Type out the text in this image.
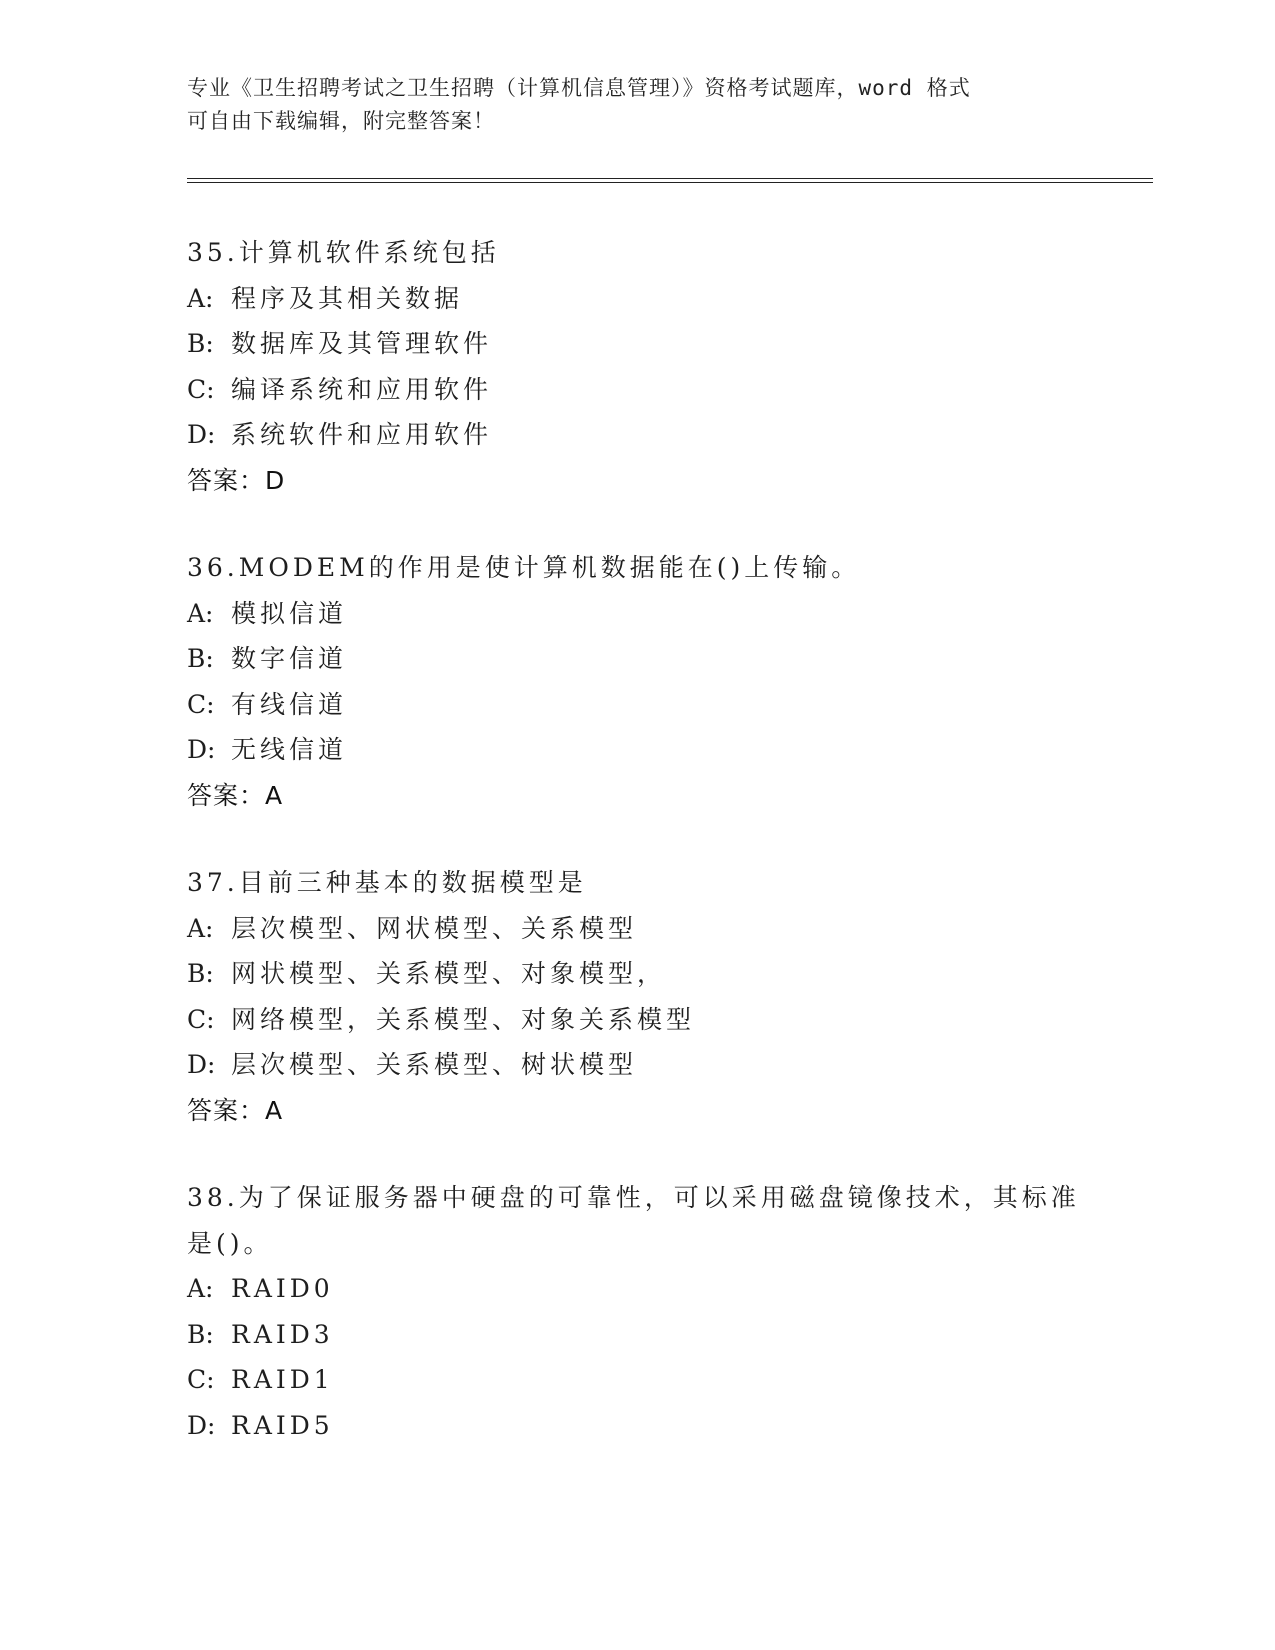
专业《卫生招聘考试之卫生招聘（计算机信息管理）》资格考试题库，word 格式
可自由下载编辑，附完整答案！
35.计算机软件系统包括
A: 程序及其相关数据
B: 数据库及其管理软件
C: 编译系统和应用软件
D: 系统软件和应用软件
答案：D
36.MODEM的作用是使计算机数据能在()上传输。
A: 模拟信道
B: 数字信道
C: 有线信道
D: 无线信道
答案：A
37.目前三种基本的数据模型是
A: 层次模型、网状模型、关系模型
B: 网状模型、关系模型、对象模型，
C: 网络模型，关系模型、对象关系模型
D: 层次模型、关系模型、树状模型
答案：A
38.为了保证服务器中硬盘的可靠性，可以采用磁盘镜像技术，其标准
是()。
A: RAID0
B: RAID3
C: RAID1
D: RAID5
